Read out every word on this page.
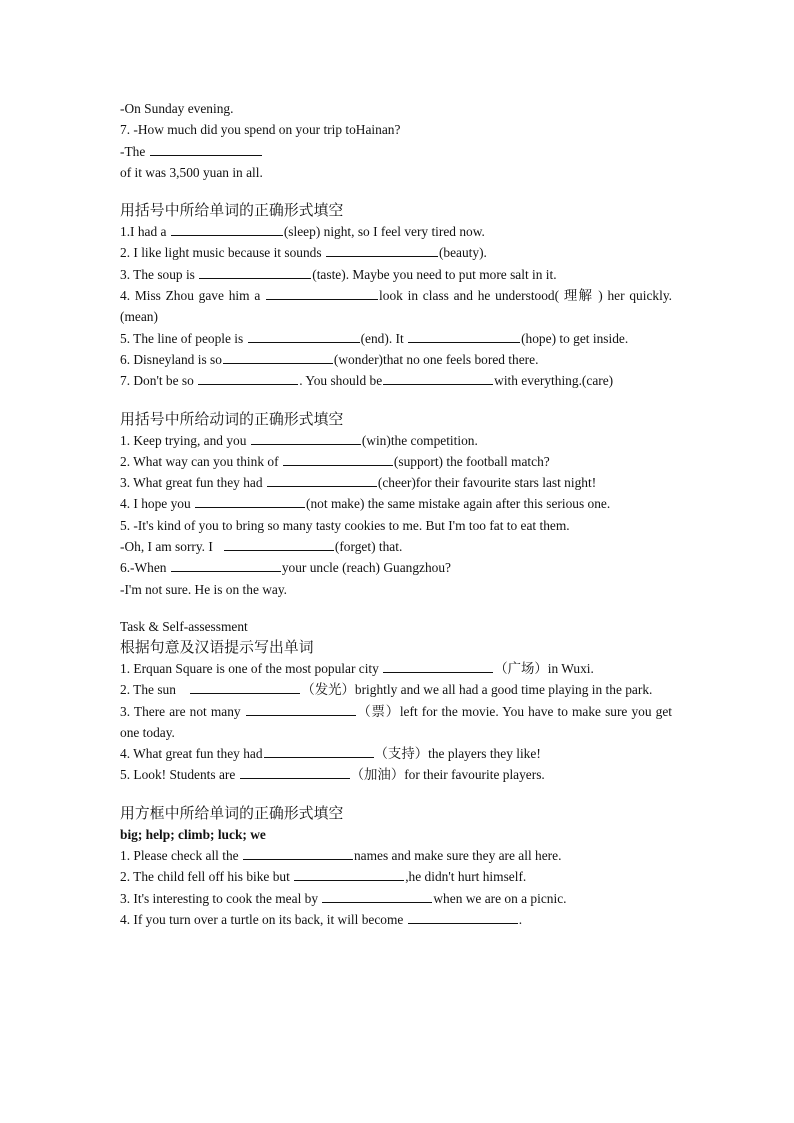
-On Sunday evening.
7. -How much did you spend on your trip toHainan?
-The
of it was 3,500 yuan in all.
用括号中所给单词的正确形式填空
1.I had a	(sleep) night, so I feel very tired now.
2. I like light music because it sounds	(beauty).
3. The soup is	(taste). Maybe you need to put more salt in it.
4. Miss Zhou gave him a	look in class and he understood( 理解 ) her quickly.(mean)
5. The line of people is	(end). It	(hope) to get inside.
6. Disneyland is so	(wonder)that no one feels bored there.
7. Don't be so	. You should be	with everything.(care)
用括号中所给动词的正确形式填空
1. Keep trying, and you	(win)the competition.
2. What way can you think of	(support) the football match?
3. What great fun they had	(cheer)for their favourite stars last night!
4. I hope you	(not make) the same mistake again after this serious one.
5. -It's kind of you to bring so many tasty cookies to me. But I'm too fat to eat them.
-Oh, I am sorry. I	(forget) that.
6.-When	your uncle (reach) Guangzhou?
-I'm not sure. He is on the way.
Task & Self-assessment
根据句意及汉语提示写出单词
1. Erquan Square is one of the most popular city	（广场）in Wuxi.
2. The sun	（发光）brightly and we all had a good time playing in the park.
3. There are not many	（票）left for the movie. You have to make sure you get one today.
4. What great fun they had	（支持）the players they like!
5. Look! Students are	（加油）for their favourite players.
用方框中所给单词的正确形式填空
big; help; climb; luck; we
1. Please check all the	names and make sure they are all here.
2. The child fell off his bike but	,he didn't hurt himself.
3. It's interesting to cook the meal by	when we are on a picnic.
4. If you turn over a turtle on its back, it will become	.
